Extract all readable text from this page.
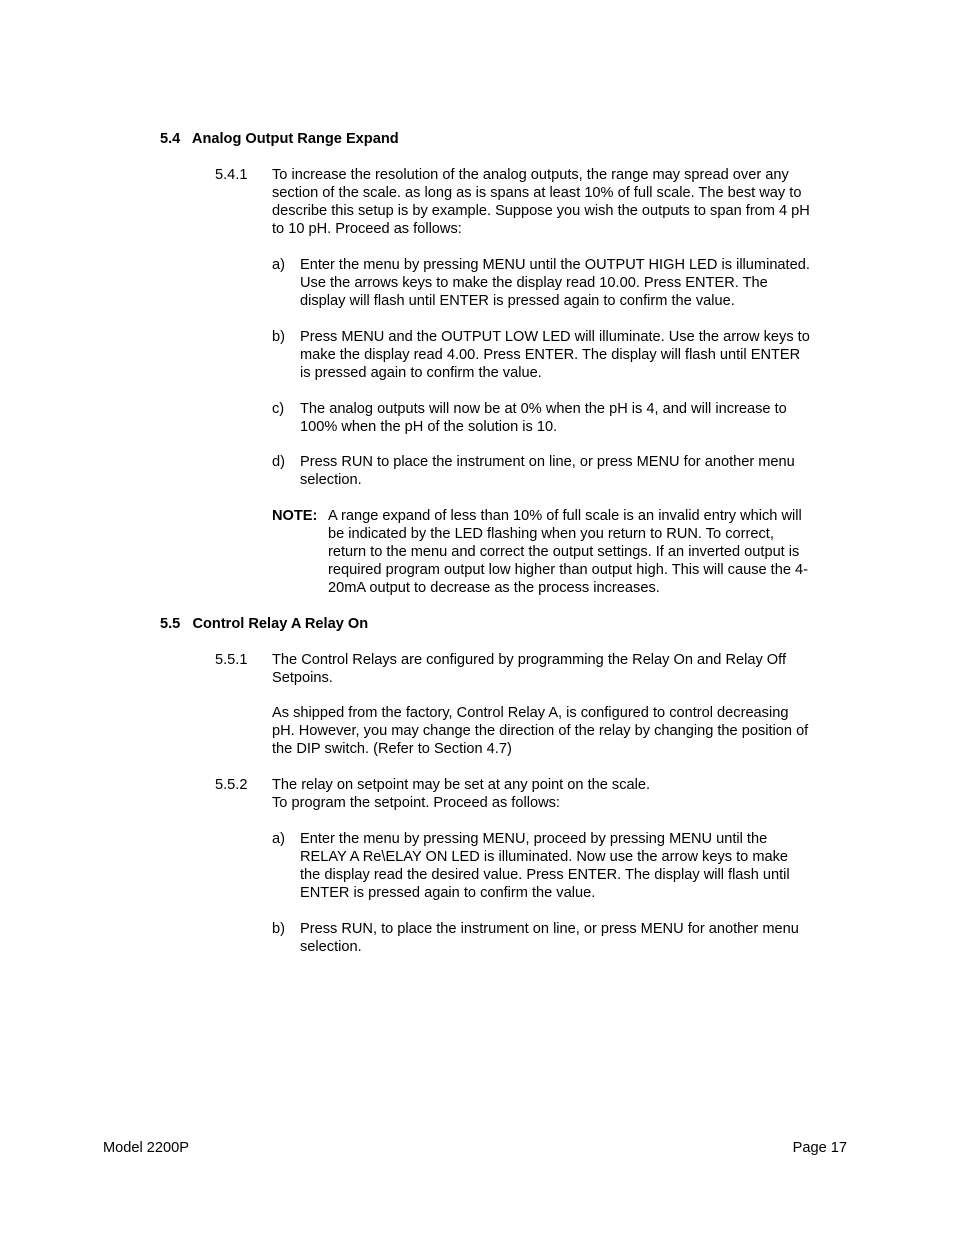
5.4   Analog Output Range Expand
5.4.1 To increase the resolution of the analog outputs, the range may spread over any
section of the scale. as long as is spans at least 10% of full scale. The best way to
describe this setup is by example. Suppose you wish the outputs to span from 4 pH
to 10 pH. Proceed as follows:
a) Enter the menu by pressing MENU until the OUTPUT HIGH LED is illuminated.
Use the arrows keys to make the display read 10.00. Press ENTER. The
display will flash until ENTER is pressed again to confirm the value.
b) Press MENU and the OUTPUT LOW LED will illuminate. Use the arrow keys to
make the display read 4.00. Press ENTER. The display will flash until ENTER
is pressed again to confirm the value.
c) The analog outputs will now be at 0% when the pH is 4, and will increase to
100% when the pH of the solution is 10.
d) Press RUN to place the instrument on line, or press MENU for another menu
selection.
NOTE: A range expand of less than 10% of full scale is an invalid entry which will
be indicated by the LED flashing when you return to RUN. To correct,
return to the menu and correct the output settings. If an inverted output is
required program output low higher than output high. This will cause the 4-
20mA output to decrease as the process increases.
5.5   Control Relay A Relay On
5.5.1 The Control Relays are configured by programming the Relay On and Relay Off
Setpoins.
As shipped from the factory, Control Relay A, is configured to control decreasing
pH. However, you may change the direction of the relay by changing the position of
the DIP switch. (Refer to Section 4.7)
5.5.2 The relay on setpoint may be set at any point on the scale.
To program the setpoint. Proceed as follows:
a) Enter the menu by pressing MENU, proceed by pressing MENU until the
RELAY A Re\ELAY ON LED is illuminated. Now use the arrow keys to make
the display read the desired value. Press ENTER. The display will flash until
ENTER is pressed again to confirm the value.
b) Press RUN, to place the instrument on line, or press MENU for another menu
selection.
Model 2200P	Page 17
